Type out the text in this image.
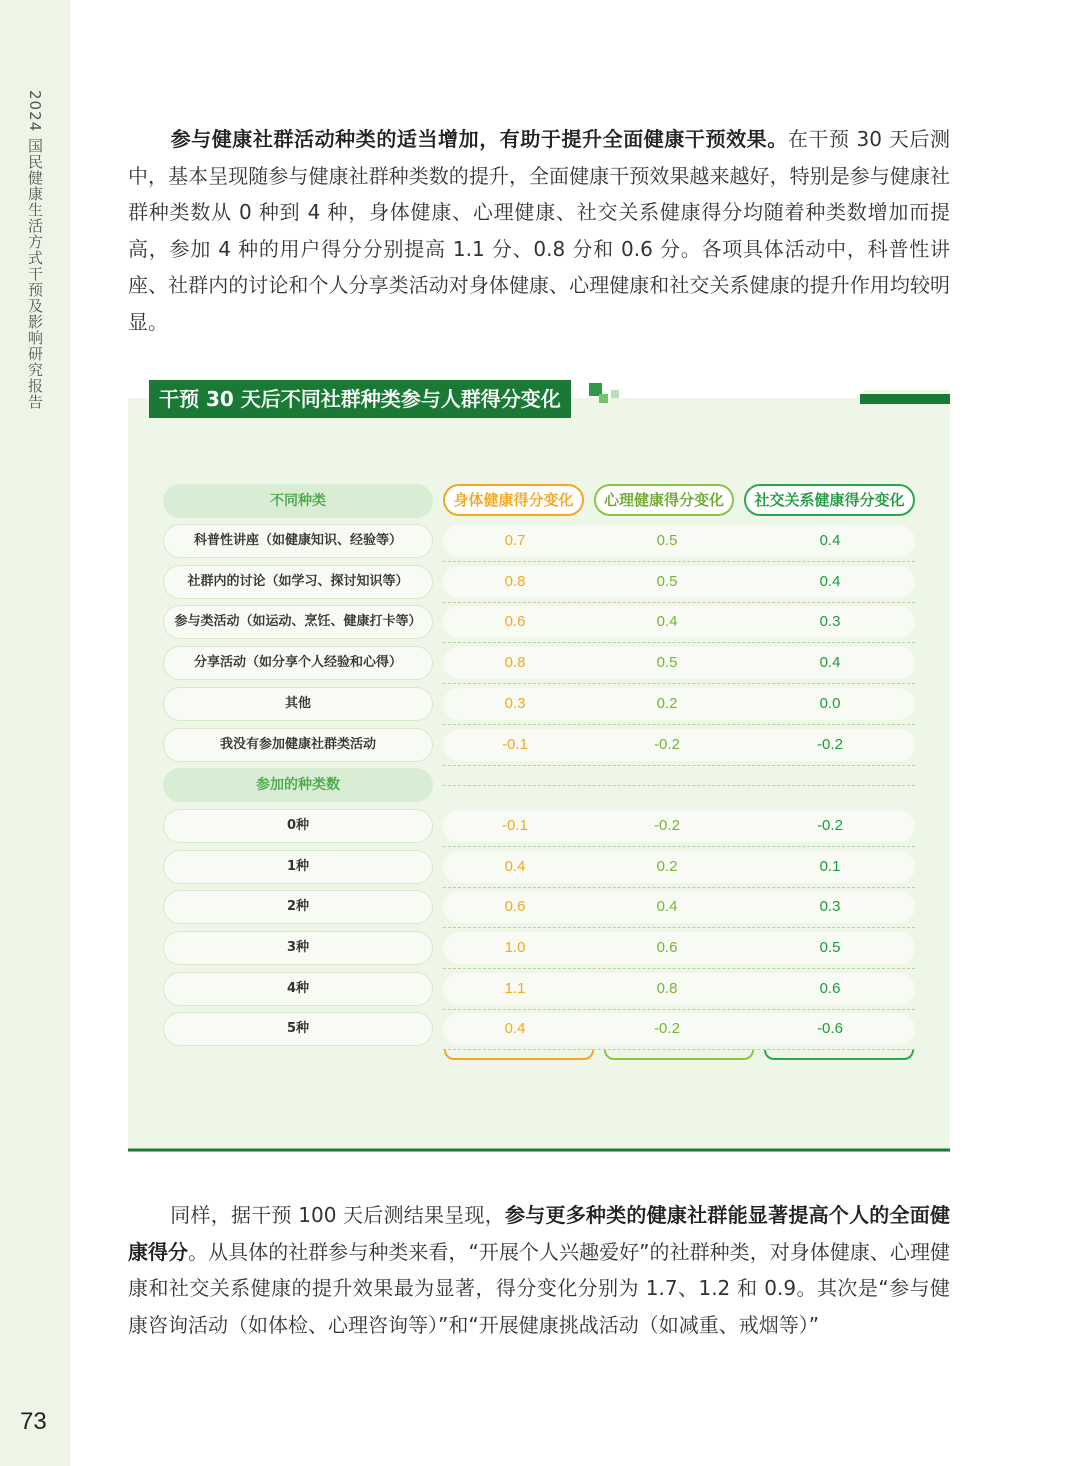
2024 国民健康生活方式干预及影响研究报告
73
参与健康社群活动种类的适当增加，有助于提升全面健康干预效果。在干预 30 天后测中，基本呈现随参与健康社群种类数的提升，全面健康干预效果越来越好，特别是参与健康社群种类数从 0 种到 4 种，身体健康、心理健康、社交关系健康得分均随着种类数增加而提高，参加 4 种的用户得分分别提高 1.1 分、0.8 分和 0.6 分。各项具体活动中，科普性讲座、社群内的讨论和个人分享类活动对身体健康、心理健康和社交关系健康的提升作用均较明显。
干预 30 天后不同社群种类参与人群得分变化
不同种类	身体健康得分变化	心理健康得分变化	社交关系健康得分变化
科普性讲座（如健康知识、经验等）	0.7	0.5	0.4
社群内的讨论（如学习、探讨知识等）	0.8	0.5	0.4
参与类活动（如运动、烹饪、健康打卡等）	0.6	0.4	0.3
分享活动（如分享个人经验和心得）	0.8	0.5	0.4
其他	0.3	0.2	0.0
我没有参加健康社群类活动	-0.1	-0.2	-0.2
参加的种类数
0种	-0.1	-0.2	-0.2
1种	0.4	0.2	0.1
2种	0.6	0.4	0.3
3种	1.0	0.6	0.5
4种	1.1	0.8	0.6
5种	0.4	-0.2	-0.6
同样，据干预 100 天后测结果呈现，参与更多种类的健康社群能显著提高个人的全面健康得分。从具体的社群参与种类来看，“开展个人兴趣爱好”的社群种类，对身体健康、心理健康和社交关系健康的提升效果最为显著，得分变化分别为 1.7、1.2 和 0.9。其次是“参与健康咨询活动（如体检、心理咨询等）”和“开展健康挑战活动（如减重、戒烟等）”
